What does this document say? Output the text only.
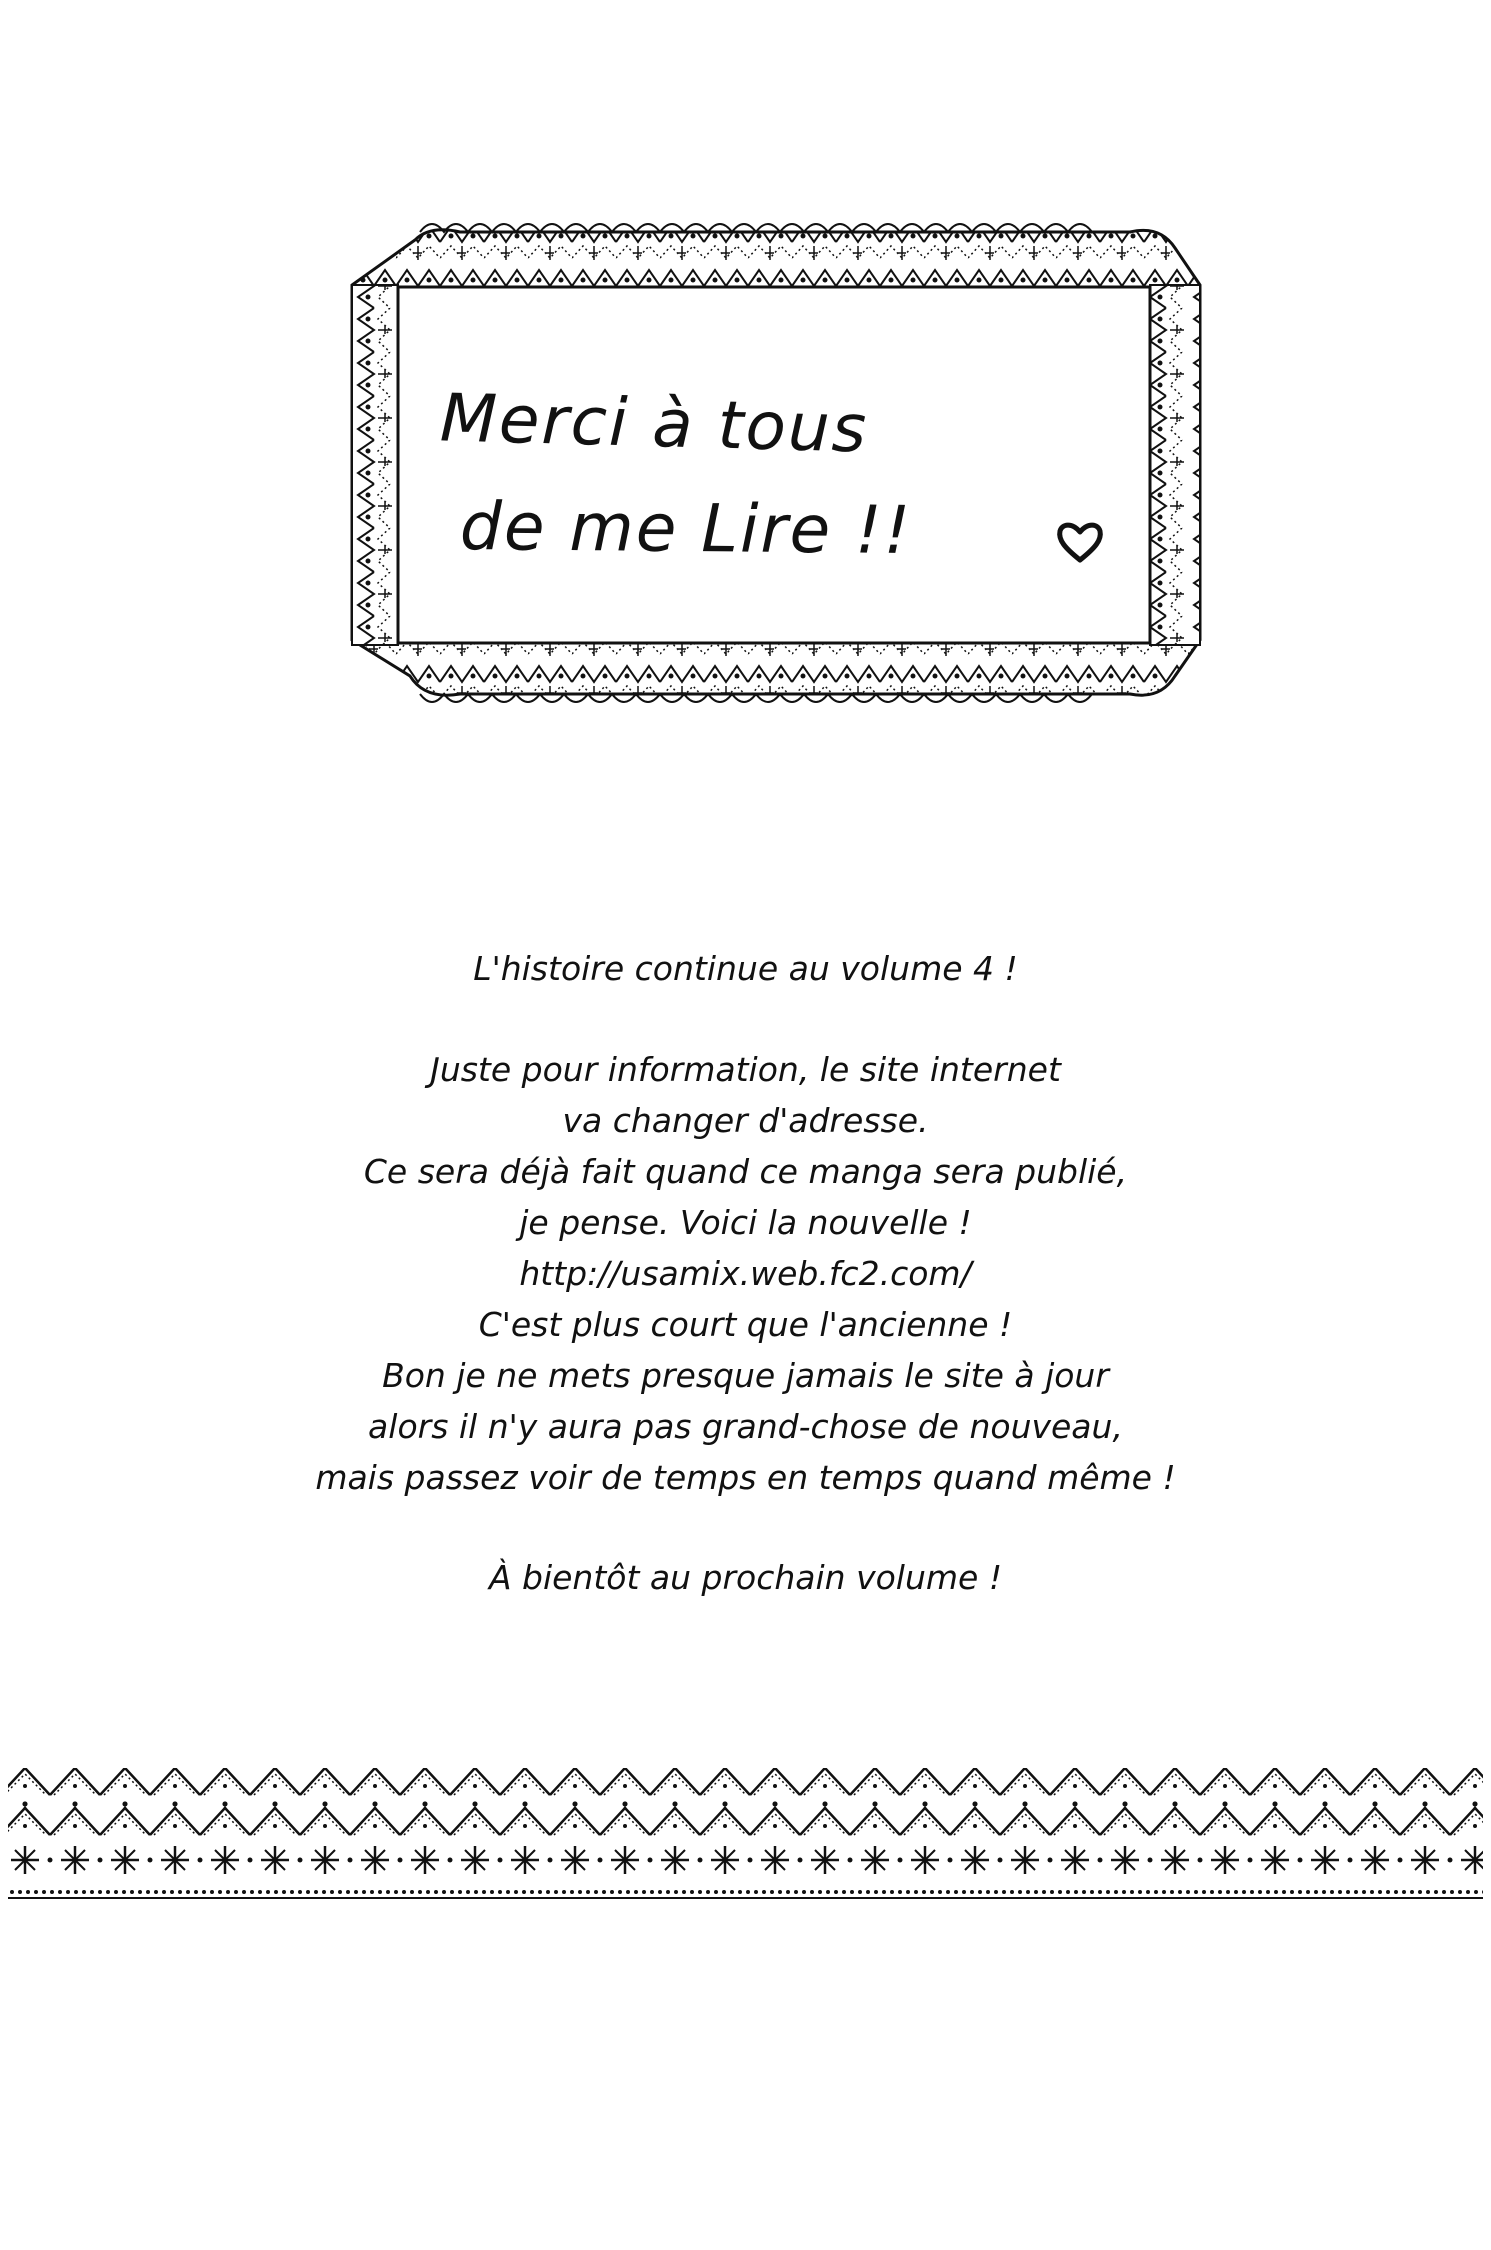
Merci à tous
de me Lire !!
L'histoire continue au volume 4 !
Juste pour information, le site internet
va changer d'adresse.
Ce sera déjà fait quand ce manga sera publié,
je pense. Voici la nouvelle !
http://usamix.web.fc2.com/
C'est plus court que l'ancienne !
Bon je ne mets presque jamais le site à jour
alors il n'y aura pas grand-chose de nouveau,
mais passez voir de temps en temps quand même !
À bientôt au prochain volume !
